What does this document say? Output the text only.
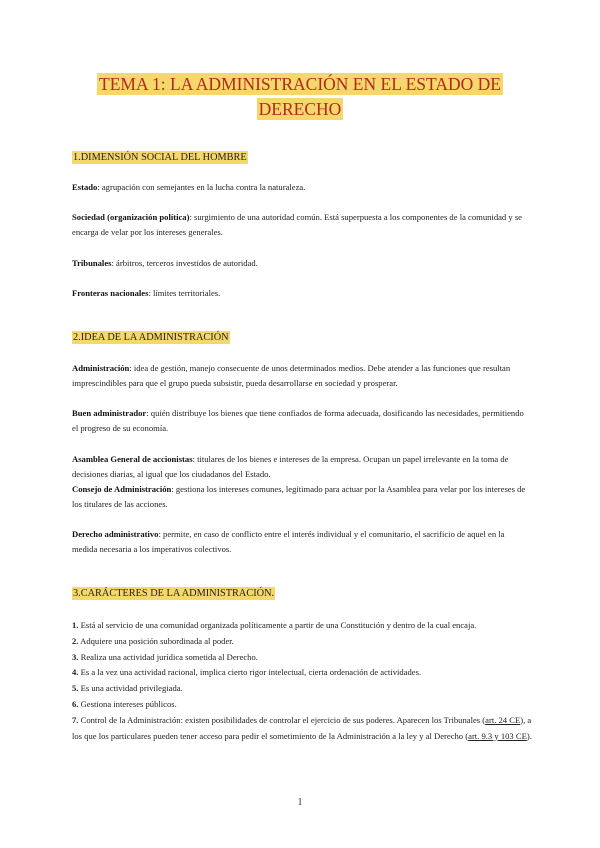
TEMA 1: LA ADMINISTRACIÓN EN EL ESTADO DE
DERECHO
1.DIMENSIÓN SOCIAL DEL HOMBRE
Estado: agrupación con semejantes en la lucha contra la naturaleza.
Sociedad (organización política): surgimiento de una autoridad común. Está superpuesta a los componentes de la comunidad y se encarga de velar por los intereses generales.
Tribunales: árbitros, terceros investidos de autoridad.
Fronteras nacionales: límites territoriales.
2.IDEA DE LA ADMINISTRACIÓN
Administración: idea de gestión, manejo consecuente de unos determinados medios. Debe atender a las funciones que resultan imprescindibles para que el grupo pueda subsistir, pueda desarrollarse en sociedad y prosperar.
Buen administrador: quién distribuye los bienes que tiene confiados de forma adecuada, dosificando las necesidades, permitiendo el progreso de su economía.
Asamblea General de accionistas: titulares de los bienes e intereses de la empresa. Ocupan un papel irrelevante en la toma de decisiones diarias, al igual que los ciudadanos del Estado.
Consejo de Administración: gestiona los intereses comunes, legitimado para actuar por la Asamblea para velar por los intereses de los titulares de las acciones.
Derecho administrativo: permite, en caso de conflicto entre el interés individual y el comunitario, el sacrificio de aquel en la medida necesaria a los imperativos colectivos.
3.CARÁCTERES DE LA ADMINISTRACIÓN.
1. Está al servicio de una comunidad organizada políticamente a partir de una Constitución y dentro de la cual encaja.
2. Adquiere una posición subordinada al poder.
3. Realiza una actividad jurídica sometida al Derecho.
4. Es a la vez una actividad racional, implica cierto rigor intelectual, cierta ordenación de actividades.
5. Es una actividad privilegiada.
6. Gestiona intereses públicos.
7. Control de la Administración: existen posibilidades de controlar el ejercicio de sus poderes. Aparecen los Tribunales (art. 24 CE), a los que los particulares pueden tener acceso para pedir el sometimiento de la Administración a la ley y al Derecho (art. 9.3 y 103 CE).
1
